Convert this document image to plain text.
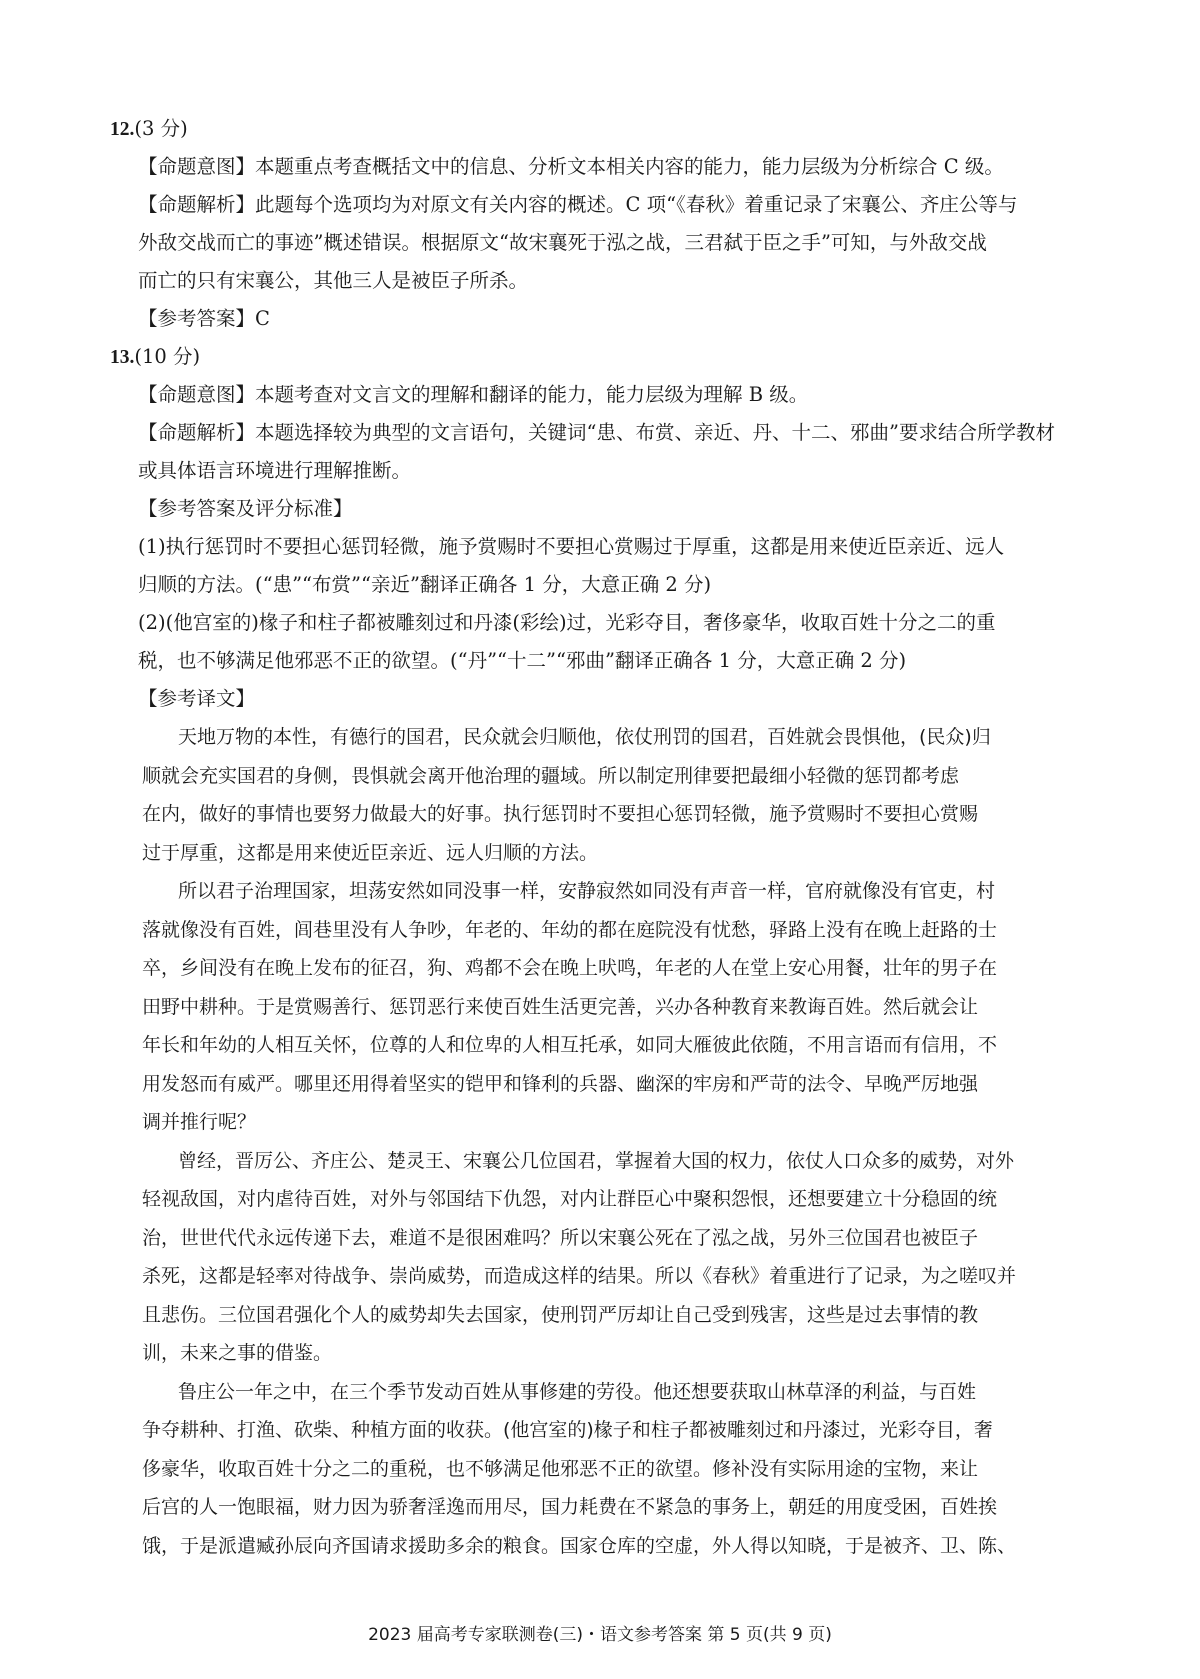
12.(3 分)
【命题意图】本题重点考查概括文中的信息、分析文本相关内容的能力，能力层级为分析综合 C 级。
【命题解析】此题每个选项均为对原文有关内容的概述。C 项“《春秋》着重记录了宋襄公、齐庄公等与
外敌交战而亡的事迹”概述错误。根据原文“故宋襄死于泓之战，三君弑于臣之手”可知，与外敌交战
而亡的只有宋襄公，其他三人是被臣子所杀。
【参考答案】C
13.(10 分)
【命题意图】本题考查对文言文的理解和翻译的能力，能力层级为理解 B 级。
【命题解析】本题选择较为典型的文言语句，关键词“患、布赏、亲近、丹、十二、邪曲”要求结合所学教材
或具体语言环境进行理解推断。
【参考答案及评分标准】
(1)执行惩罚时不要担心惩罚轻微，施予赏赐时不要担心赏赐过于厚重，这都是用来使近臣亲近、远人
归顺的方法。(“患”“布赏”“亲近”翻译正确各 1 分，大意正确 2 分)
(2)(他宫室的)椽子和柱子都被雕刻过和丹漆(彩绘)过，光彩夺目，奢侈豪华，收取百姓十分之二的重
税，也不够满足他邪恶不正的欲望。(“丹”“十二”“邪曲”翻译正确各 1 分，大意正确 2 分)
【参考译文】
天地万物的本性，有德行的国君，民众就会归顺他，依仗刑罚的国君，百姓就会畏惧他，(民众)归
顺就会充实国君的身侧，畏惧就会离开他治理的疆域。所以制定刑律要把最细小轻微的惩罚都考虑
在内，做好的事情也要努力做最大的好事。执行惩罚时不要担心惩罚轻微，施予赏赐时不要担心赏赐
过于厚重，这都是用来使近臣亲近、远人归顺的方法。
所以君子治理国家，坦荡安然如同没事一样，安静寂然如同没有声音一样，官府就像没有官吏，村
落就像没有百姓，闾巷里没有人争吵，年老的、年幼的都在庭院没有忧愁，驿路上没有在晚上赶路的士
卒，乡间没有在晚上发布的征召，狗、鸡都不会在晚上吠鸣，年老的人在堂上安心用餐，壮年的男子在
田野中耕种。于是赏赐善行、惩罚恶行来使百姓生活更完善，兴办各种教育来教诲百姓。然后就会让
年长和年幼的人相互关怀，位尊的人和位卑的人相互托承，如同大雁彼此依随，不用言语而有信用，不
用发怒而有威严。哪里还用得着坚实的铠甲和锋利的兵器、幽深的牢房和严苛的法令、早晚严厉地强
调并推行呢？
曾经，晋厉公、齐庄公、楚灵王、宋襄公几位国君，掌握着大国的权力，依仗人口众多的威势，对外
轻视敌国，对内虐待百姓，对外与邻国结下仇怨，对内让群臣心中聚积怨恨，还想要建立十分稳固的统
治，世世代代永远传递下去，难道不是很困难吗？所以宋襄公死在了泓之战，另外三位国君也被臣子
杀死，这都是轻率对待战争、崇尚威势，而造成这样的结果。所以《春秋》着重进行了记录，为之嗟叹并
且悲伤。三位国君强化个人的威势却失去国家，使刑罚严厉却让自己受到残害，这些是过去事情的教
训，未来之事的借鉴。
鲁庄公一年之中，在三个季节发动百姓从事修建的劳役。他还想要获取山林草泽的利益，与百姓
争夺耕种、打渔、砍柴、种植方面的收获。(他宫室的)椽子和柱子都被雕刻过和丹漆过，光彩夺目，奢
侈豪华，收取百姓十分之二的重税，也不够满足他邪恶不正的欲望。修补没有实际用途的宝物，来让
后宫的人一饱眼福，财力因为骄奢淫逸而用尽，国力耗费在不紧急的事务上，朝廷的用度受困，百姓挨
饿，于是派遣臧孙辰向齐国请求援助多余的粮食。国家仓库的空虚，外人得以知晓，于是被齐、卫、陈、
2023 届高考专家联测卷(三)・语文参考答案 第 5 页(共 9 页)
